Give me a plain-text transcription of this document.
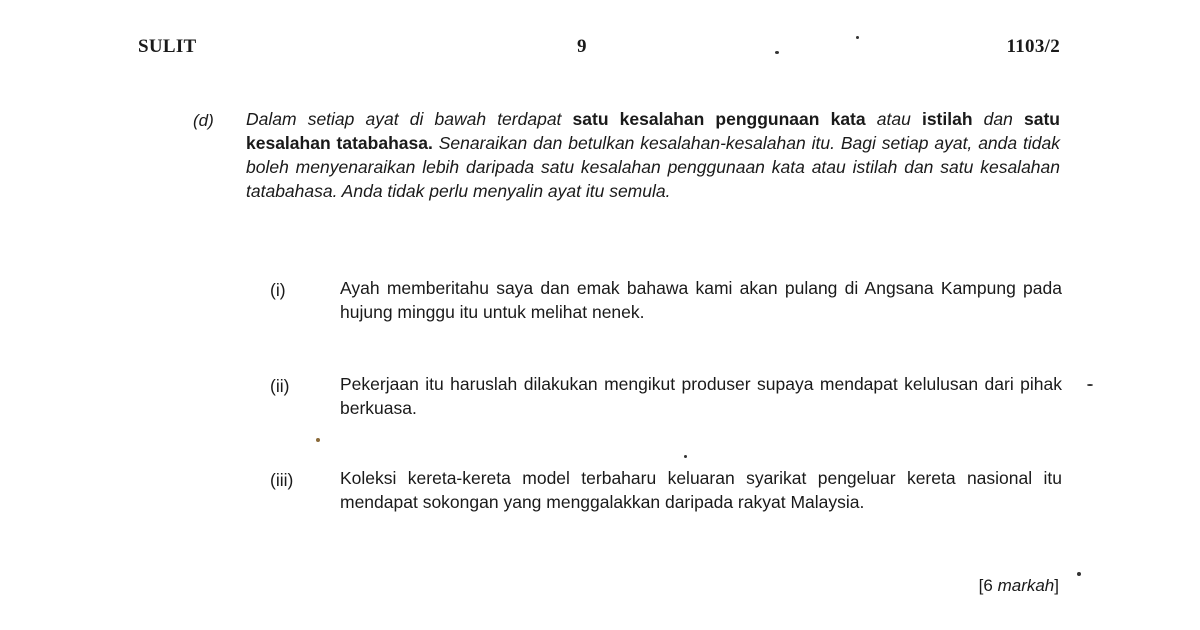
SULIT	9	1103/2
(d) Dalam setiap ayat di bawah terdapat satu kesalahan penggunaan kata atau istilah dan satu kesalahan tatabahasa. Senaraikan dan betulkan kesalahan-kesalahan itu. Bagi setiap ayat, anda tidak boleh menyenaraikan lebih daripada satu kesalahan penggunaan kata atau istilah dan satu kesalahan tatabahasa. Anda tidak perlu menyalin ayat itu semula.
(i)	Ayah memberitahu saya dan emak bahawa kami akan pulang di Angsana Kampung pada hujung minggu itu untuk melihat nenek.
(ii)	Pekerjaan itu haruslah dilakukan mengikut produser supaya mendapat kelulusan dari pihak berkuasa.
(iii)	Koleksi kereta-kereta model terbaharu keluaran syarikat pengeluar kereta nasional itu mendapat sokongan yang menggalakkan daripada rakyat Malaysia.
[6 markah]
